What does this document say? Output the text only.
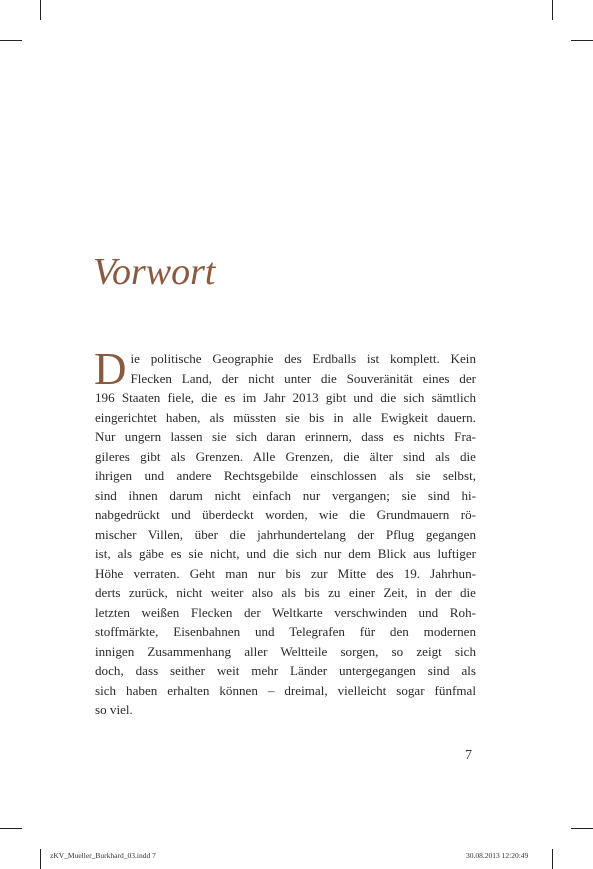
Vorwort
D ie politische Geographie des Erdballs ist komplett. Kein
Flecken Land, der nicht unter die Souveränität eines der
196 Staaten fiele, die es im Jahr 2013 gibt und die sich sämtlich
eingerichtet haben, als müssten sie bis in alle Ewigkeit dauern.
Nur ungern lassen sie sich daran erinnern, dass es nichts Fra-
gileres gibt als Grenzen. Alle Grenzen, die älter sind als die
ihrigen und andere Rechtsgebilde einschlossen als sie selbst,
sind ihnen darum nicht einfach nur vergangen; sie sind hi-
nabgedrückt und überdeckt worden, wie die Grundmauern rö-
mischer Villen, über die jahrhundertelang der Pflug gegangen
ist, als gäbe es sie nicht, und die sich nur dem Blick aus luftiger
Höhe verraten. Geht man nur bis zur Mitte des 19. Jahrhun-
derts zurück, nicht weiter also als bis zu einer Zeit, in der die
letzten weißen Flecken der Weltkarte verschwinden und Roh-
stoffmärkte, Eisenbahnen und Telegrafen für den modernen
innigen Zusammenhang aller Weltteile sorgen, so zeigt sich
doch, dass seither weit mehr Länder untergegangen sind als
sich haben erhalten können – dreimal, vielleicht sogar fünfmal
so viel.
7
zKV_Mueller_Burkhard_03.indd 7	30.08.2013 12:20:49
